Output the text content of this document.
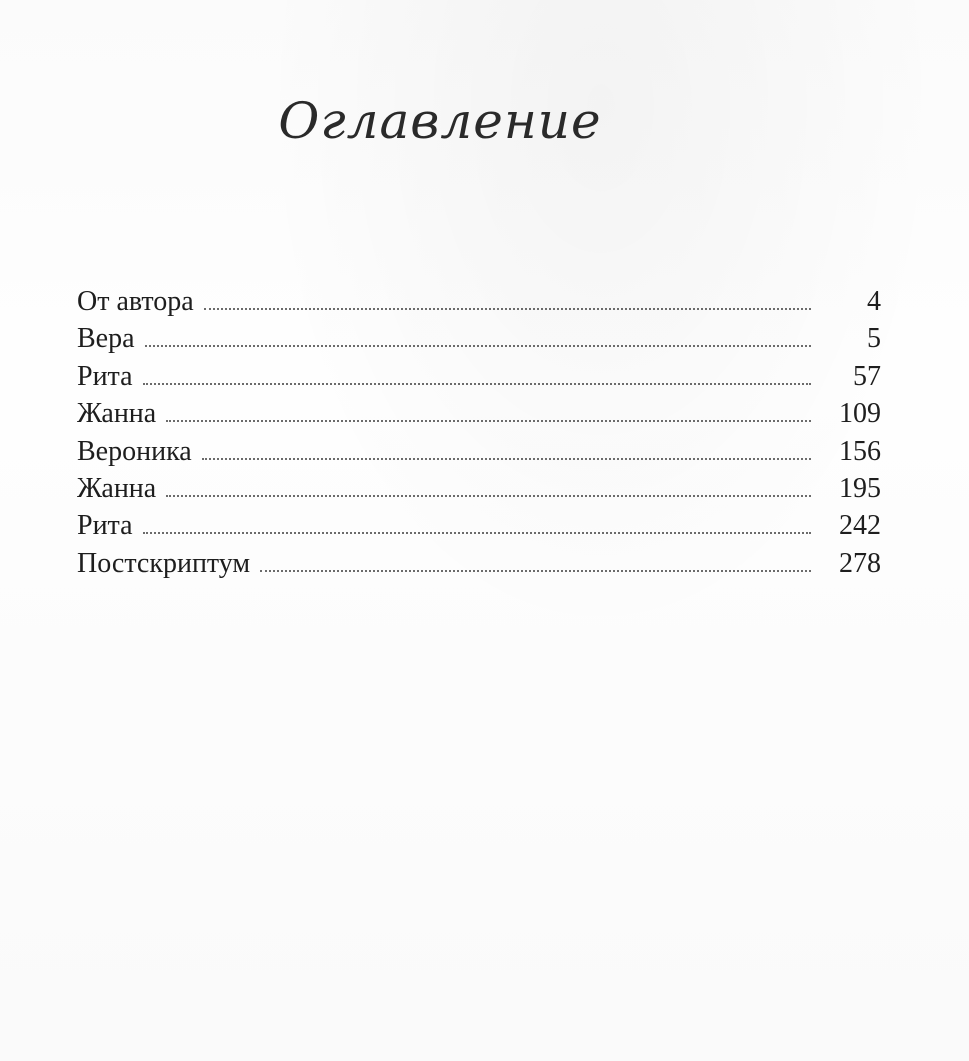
Оглавление
От автора	4
Вера	5
Рита	57
Жанна	109
Вероника	156
Жанна	195
Рита	242
Постскриптум	278
